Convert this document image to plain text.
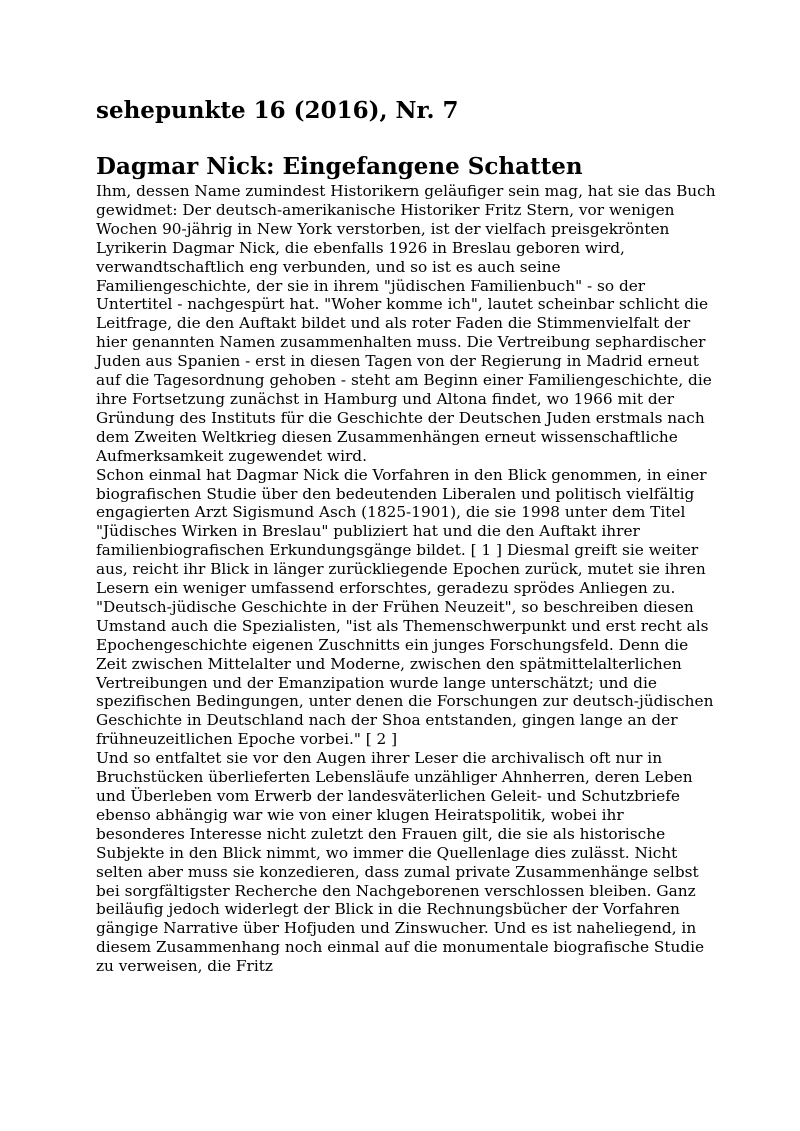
sehepunkte 16 (2016), Nr. 7
Dagmar Nick: Eingefangene Schatten

Ihm, dessen Name zumindest Historikern geläufiger sein mag, hat sie das Buch gewidmet: Der deutsch-amerikanische Historiker Fritz Stern, vor wenigen Wochen 90-jährig in New York verstorben, ist der vielfach preisgekrönten Lyrikerin Dagmar Nick, die ebenfalls 1926 in Breslau geboren wird, verwandtschaftlich eng verbunden, und so ist es auch seine Familiengeschichte, der sie in ihrem "jüdischen Familienbuch" - so der Untertitel - nachgespürt hat. "Woher komme ich", lautet scheinbar schlicht die Leitfrage, die den Auftakt bildet und als roter Faden die Stimmenvielfalt der hier genannten Namen zusammenhalten muss. Die Vertreibung sephardischer Juden aus Spanien - erst in diesen Tagen von der Regierung in Madrid erneut auf die Tagesordnung gehoben - steht am Beginn einer Familiengeschichte, die ihre Fortsetzung zunächst in Hamburg und Altona findet, wo 1966 mit der Gründung des Instituts für die Geschichte der Deutschen Juden erstmals nach dem Zweiten Weltkrieg diesen Zusammenhängen erneut wissenschaftliche Aufmerksamkeit zugewendet wird.

Schon einmal hat Dagmar Nick die Vorfahren in den Blick genommen, in einer biografischen Studie über den bedeutenden Liberalen und politisch vielfältig engagierten Arzt Sigismund Asch (1825-1901), die sie 1998 unter dem Titel "Jüdisches Wirken in Breslau" publiziert hat und die den Auftakt ihrer familienbiografischen Erkundungsgänge bildet. [ 1 ] Diesmal greift sie weiter aus, reicht ihr Blick in länger zurückliegende Epochen zurück, mutet sie ihren Lesern ein weniger umfassend erforschtes, geradezu sprödes Anliegen zu. "Deutsch-jüdische Geschichte in der Frühen Neuzeit", so beschreiben diesen Umstand auch die Spezialisten, "ist als Themenschwerpunkt und erst recht als Epochengeschichte eigenen Zuschnitts ein junges Forschungsfeld. Denn die Zeit zwischen Mittelalter und Moderne, zwischen den spätmittelalterlichen Vertreibungen und der Emanzipation wurde lange unterschätzt; und die spezifischen Bedingungen, unter denen die Forschungen zur deutsch-jüdischen Geschichte in Deutschland nach der Shoa entstanden, gingen lange an der frühneuzeitlichen Epoche vorbei." [ 2 ]

Und so entfaltet sie vor den Augen ihrer Leser die archivalisch oft nur in Bruchstücken überlieferten Lebensläufe unzähliger Ahnherren, deren Leben und Überleben vom Erwerb der landesväterlichen Geleit- und Schutzbriefe ebenso abhängig war wie von einer klugen Heiratspolitik, wobei ihr besonderes Interesse nicht zuletzt den Frauen gilt, die sie als historische Subjekte in den Blick nimmt, wo immer die Quellenlage dies zulässt. Nicht selten aber muss sie konzedieren, dass zumal private Zusammenhänge selbst bei sorgfältigster Recherche den Nachgeborenen verschlossen bleiben. Ganz beiläufig jedoch widerlegt der Blick in die Rechnungsbücher der Vorfahren gängige Narrative über Hofjuden und Zinswucher. Und es ist naheliegend, in diesem Zusammenhang noch einmal auf die monumentale biografische Studie zu verweisen, die Fritz
